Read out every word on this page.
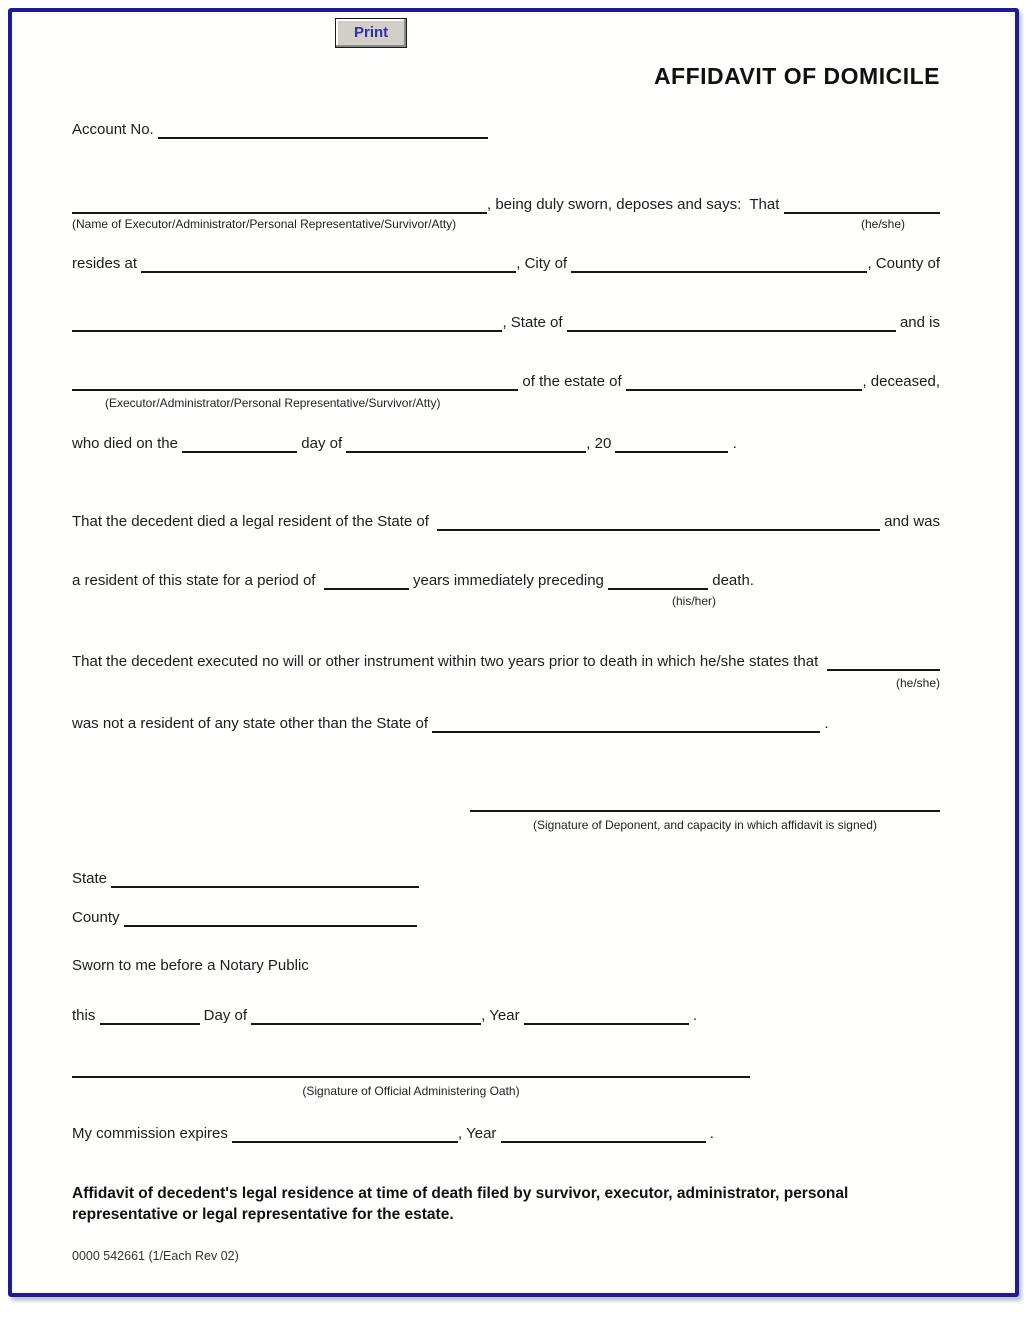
Print
AFFIDAVIT OF DOMICILE
Account No.
, being duly sworn, deposes and says:  That
(Name of Executor/Administrator/Personal Representative/Survivor/Atty)	(he/she)
resides at	, City of	, County of
, State of	and is
of the estate of	, deceased,
(Executor/Administrator/Personal Representative/Survivor/Atty)
who died on the	day of	, 20	.
That the decedent died a legal resident of the State of	and was
a resident of this state for a period of	years immediately preceding	death.
(his/her)
That the decedent executed no will or other instrument within two years prior to death in which he/she states that
(he/she)
was not a resident of any state other than the State of	.
(Signature of Deponent, and capacity in which affidavit is signed)
State
County
Sworn to me before a Notary Public
this	Day of	, Year	.
(Signature of Official Administering Oath)
My commission expires	, Year	.
Affidavit of decedent's legal residence at time of death filed by survivor, executor, administrator, personal representative or legal representative for the estate.
0000 542661 (1/Each Rev 02)
